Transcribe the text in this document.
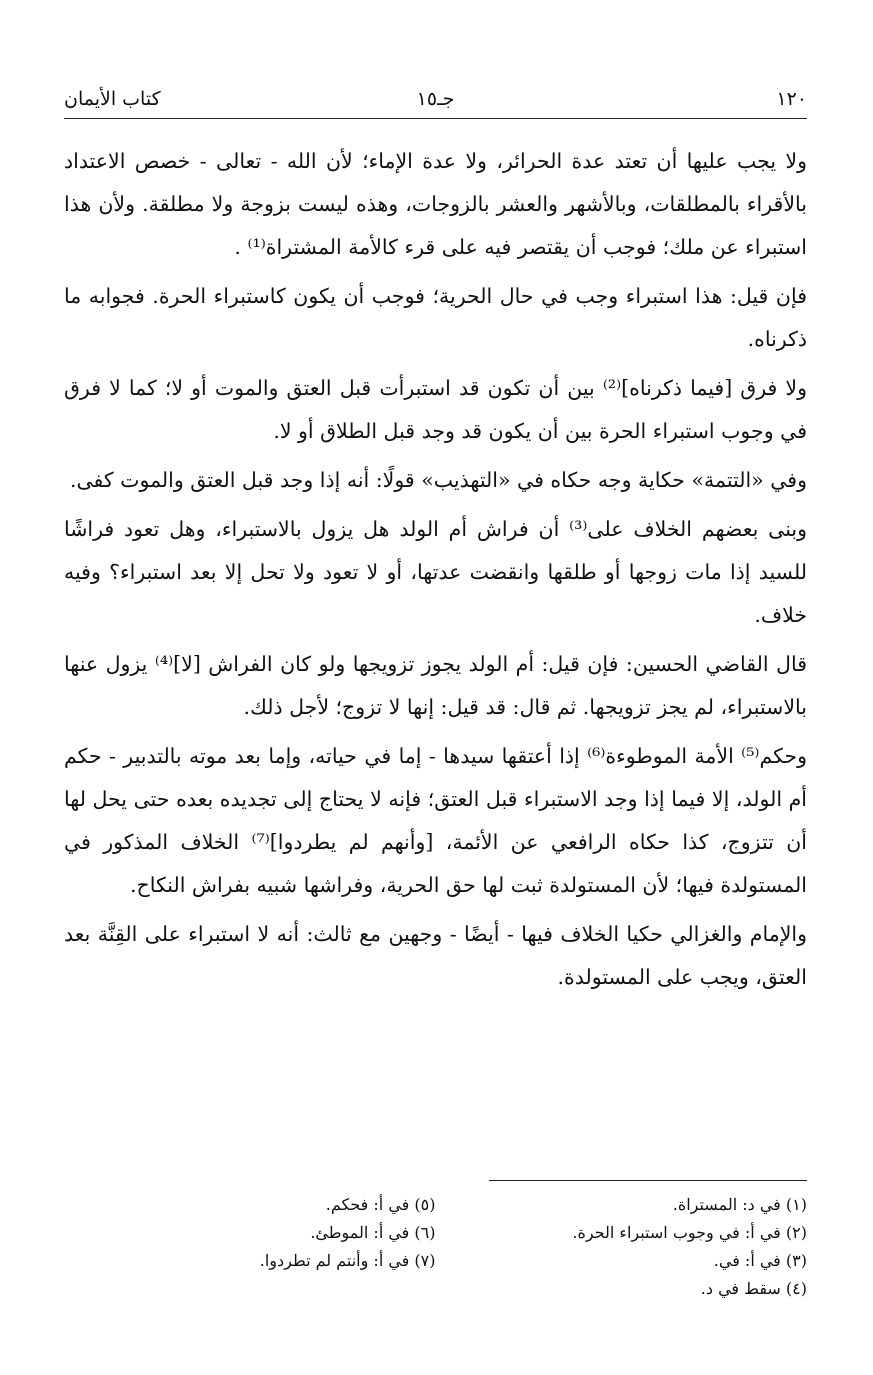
١٢٠
جـ١٥
كتاب الأيمان

ولا يجب عليها أن تعتد عدة الحرائر، ولا عدة الإماء؛ لأن الله - تعالى - خصص الاعتداد بالأقراء بالمطلقات، وبالأشهر والعشر بالزوجات، وهذه ليست بزوجة ولا مطلقة. ولأن هذا استبراء عن ملك؛ فوجب أن يقتصر فيه على قرء كالأمة المشتراة⁽¹⁾ .

فإن قيل: هذا استبراء وجب في حال الحرية؛ فوجب أن يكون كاستبراء الحرة. فجوابه ما ذكرناه.

ولا فرق [فيما ذكرناه]⁽²⁾ بين أن تكون قد استبرأت قبل العتق والموت أو لا؛ كما لا فرق في وجوب استبراء الحرة بين أن يكون قد وجد قبل الطلاق أو لا.

وفي «التتمة» حكاية وجه حكاه في «التهذيب» قولًا: أنه إذا وجد قبل العتق والموت كفى.

وبنى بعضهم الخلاف على⁽³⁾ أن فراش أم الولد هل يزول بالاستبراء، وهل تعود فراشًا للسيد إذا مات زوجها أو طلقها وانقضت عدتها، أو لا تعود ولا تحل إلا بعد استبراء؟ وفيه خلاف.

قال القاضي الحسين: فإن قيل: أم الولد يجوز تزويجها ولو كان الفراش [لا]⁽⁴⁾ يزول عنها بالاستبراء، لم يجز تزويجها. ثم قال: قد قيل: إنها لا تزوج؛ لأجل ذلك.

وحكم⁽⁵⁾ الأمة الموطوءة⁽⁶⁾ إذا أعتقها سيدها - إما في حياته، وإما بعد موته بالتدبير - حكم أم الولد، إلا فيما إذا وجد الاستبراء قبل العتق؛ فإنه لا يحتاج إلى تجديده بعده حتى يحل لها أن تتزوج، كذا حكاه الرافعي عن الأئمة، [وأنهم لم يطردوا]⁽⁷⁾ الخلاف المذكور في المستولدة فيها؛ لأن المستولدة ثبت لها حق الحرية، وفراشها شبيه بفراش النكاح.

والإمام والغزالي حكيا الخلاف فيها - أيضًا - وجهين مع ثالث: أنه لا استبراء على القِنَّة بعد العتق، ويجب على المستولدة.

(١) في د: المستراة.
(٢) في أ: في وجوب استبراء الحرة.
(٣) في أ: في.
(٤) سقط في د.
(٥) في أ: فحكم.
(٦) في أ: الموطئ.
(٧) في أ: وأنتم لم تطردوا.
